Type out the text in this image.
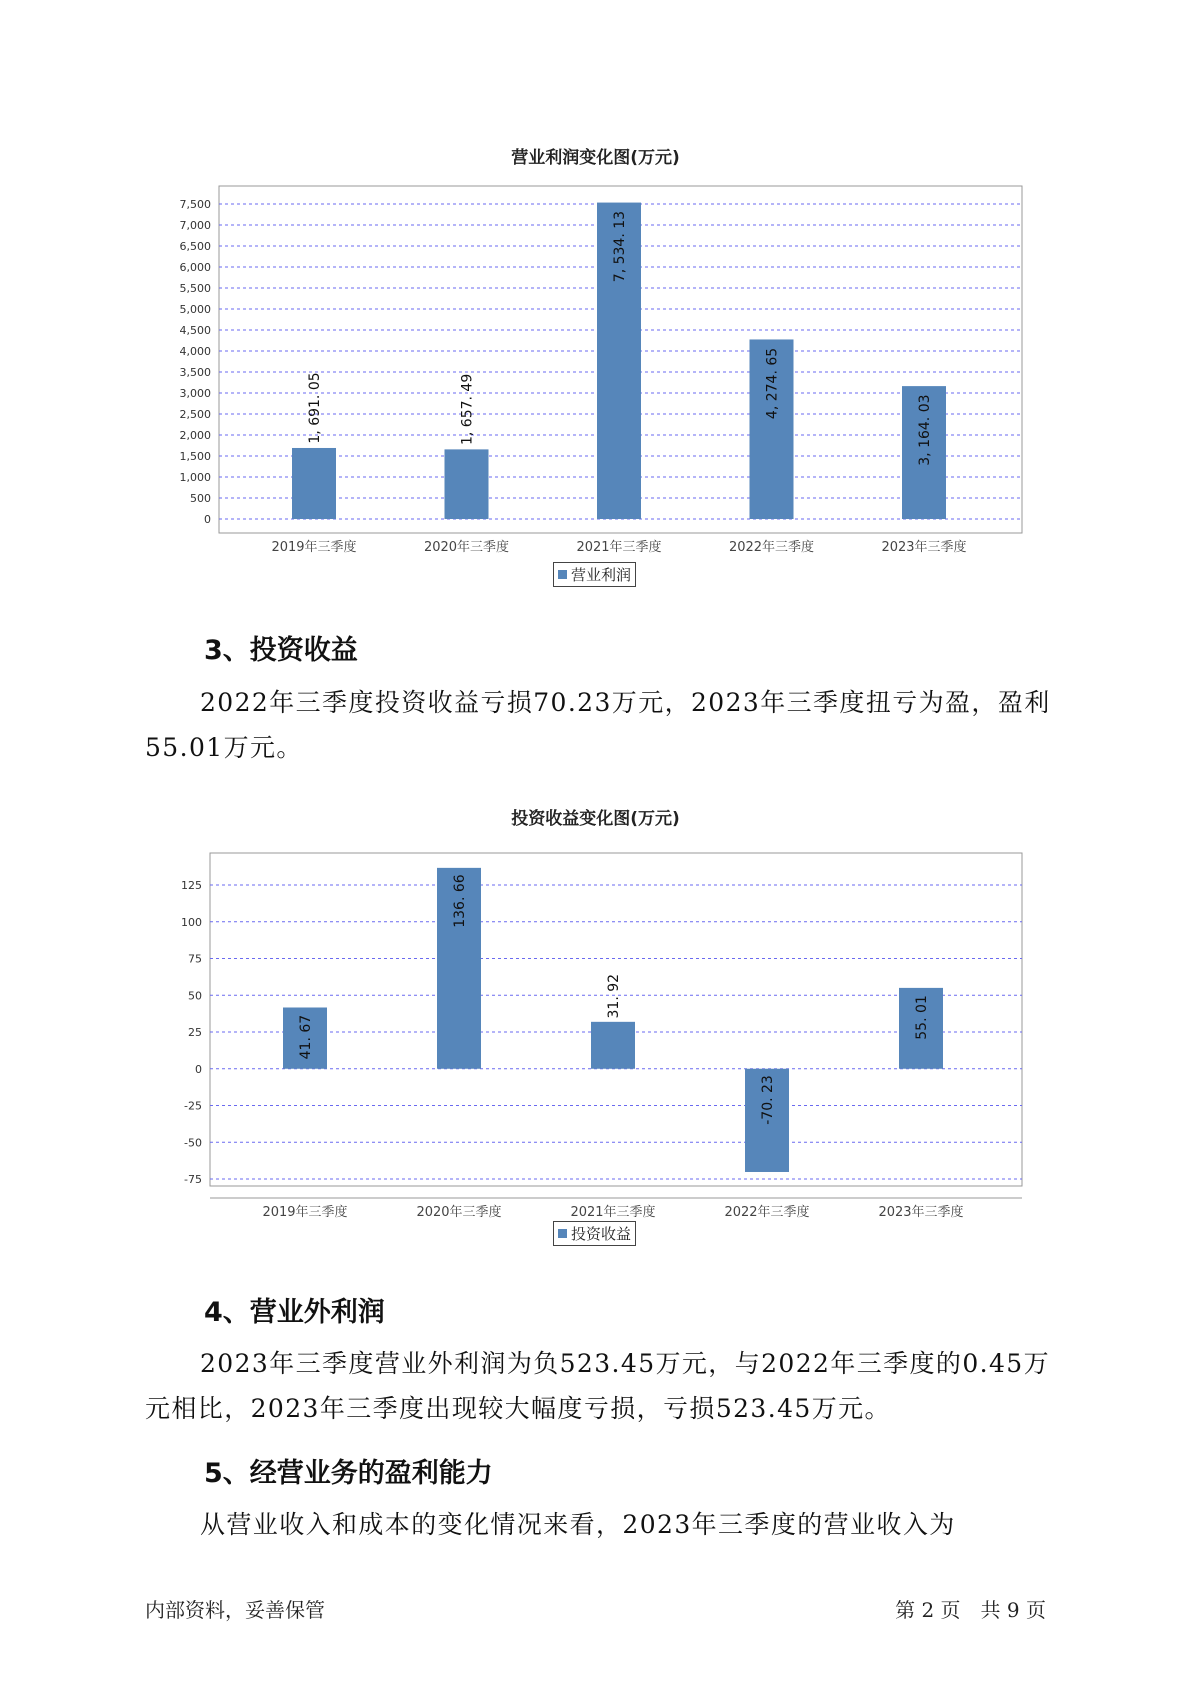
营业利润变化图(万元)
0
500
1,000
1,500
2,000
2,500
3,000
3,500
4,000
4,500
5,000
5,500
6,000
6,500
7,000
7,500
2019年三季度
1, 691. 05
2020年三季度
1, 657. 49
2021年三季度
7, 534. 13
2022年三季度
4, 274. 65
2023年三季度
3, 164. 03
营业利润
3、投资收益

2022年三季度投资收益亏损70.23万元，2023年三季度扭亏为盈，盈利55.01万元。

投资收益变化图(万元)
-75
-50
-25
0
25
50
75
100
125
2019年三季度
41. 67
2020年三季度
136. 66
2021年三季度
31. 92
2022年三季度
-70. 23
2023年三季度
55. 01
投资收益
4、营业外利润

2023年三季度营业外利润为负523.45万元，与2022年三季度的0.45万元相比，2023年三季度出现较大幅度亏损，亏损523.45万元。

5、经营业务的盈利能力

从营业收入和成本的变化情况来看，2023年三季度的营业收入为

内部资料，妥善保管	第 2 页　共 9 页
